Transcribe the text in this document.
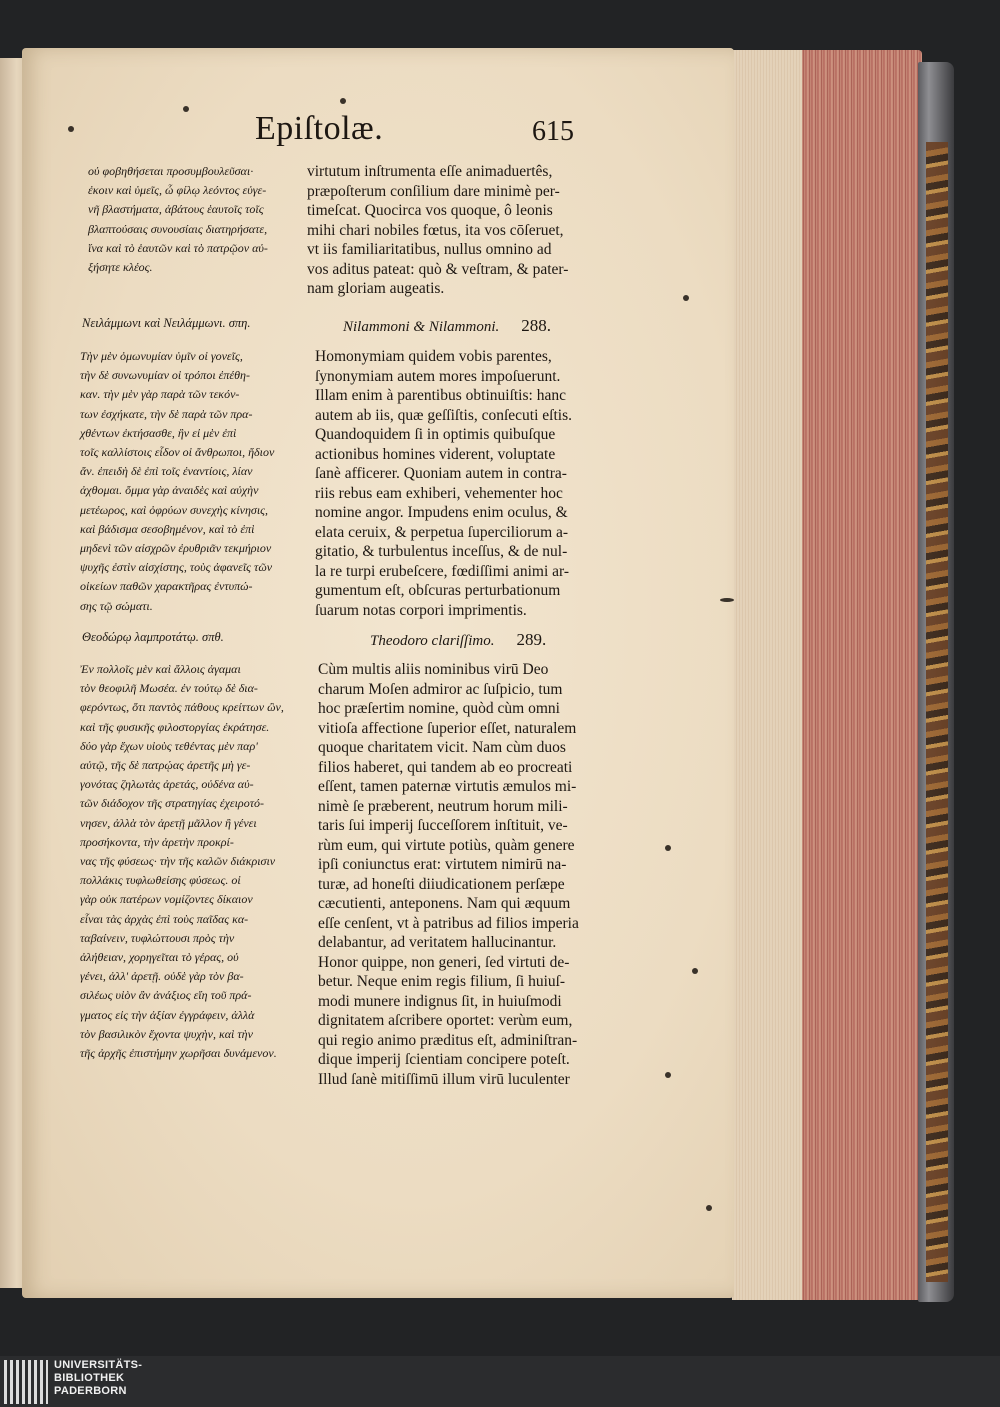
Epiſtolæ.	615
οὐ φοβηθήσεται προσυμβουλεῦσαι·
ἐκοιν καὶ ὑμεῖς, ὦ φίλῳ λεόντος εὐγε-
νῆ βλαστήματα, ἀβάτους ἑαυτοῖς τοῖς
βλαπτούσαις συνουσίαις διατηρήσατε,
ἵνα καὶ τὸ ἑαυτῶν καὶ τὸ πατρῷον αὐ-
ξήσητε κλέος.
virtutum inſtrumenta eſſe animaduertês,
præpoſterum conſilium dare minimè per-
timeſcat. Quocirca vos quoque, ô leonis
mihi chari nobiles fœtus, ita vos cōſeruet,
vt iis familiaritatibus, nullus omnino ad
vos aditus pateat: quò & veſtram, & pater-
nam gloriam augeatis.
Νειλάμμωνι καὶ Νειλάμμωνι. σπη.	Nilammoni & Nilammoni. 288.
Τὴν μὲν ὁμωνυμίαν ὑμῖν οἱ γονεῖς,
τὴν δὲ συνωνυμίαν οἱ τρόποι ἐπέθη-
καν. τὴν μὲν γὰρ παρὰ τῶν τεκόν-
των ἐσχήκατε, τὴν δὲ παρὰ τῶν πρα-
χθέντων ἐκτήσασθε, ἣν εἰ μὲν ἐπὶ
τοῖς καλλίστοις εἶδον οἱ ἄνθρωποι, ἥδιον
ἄν. ἐπειδὴ δὲ ἐπὶ τοῖς ἐναντίοις, λίαν
ἀχθομαι. ὄμμα γὰρ ἀναιδὲς καὶ αὐχὴν
μετέωρος, καὶ ὀφρύων συνεχὴς κίνησις,
καὶ βάδισμα σεσοβημένον, καὶ τὸ ἐπὶ
μηδενὶ τῶν αἰσχρῶν ἐρυθριᾶν τεκμήριον
ψυχῆς ἐστὶν αἰσχίστης, τοὺς ἀφανεῖς τῶν
οἰκείων παθῶν χαρακτῆρας ἐντυπώ-
σης τῷ σώματι.
Homonymiam quidem vobis parentes,
ſynonymiam autem mores impoſuerunt.
Illam enim à parentibus obtinuiſtis: hanc
autem ab iis, quæ geſſiſtis, conſecuti eſtis.
Quandoquidem ſi in optimis quibuſque
actionibus homines viderent, voluptate
ſanè afficerer. Quoniam autem in contra-
riis rebus eam exhiberi, vehementer hoc
nomine angor. Impudens enim oculus, &
elata ceruix, & perpetua ſuperciliorum a-
gitatio, & turbulentus inceſſus, & de nul-
la re turpi erubeſcere, fœdiſſimi animi ar-
gumentum eſt, obſcuras perturbationum
ſuarum notas corpori imprimentis.
Θεοδώρῳ λαμπροτάτῳ. σπθ.	Theodoro clariſſimo. 289.
Ἐν πολλοῖς μὲν καὶ ἄλλοις ἀγαμαι
τὸν θεοφιλῆ Μωσέα. ἐν τούτῳ δὲ δια-
φερόντως, ὅτι παντὸς πάθους κρείττων ὢν,
καὶ τῆς φυσικῆς φιλοστοργίας ἐκράτησε.
δύο γὰρ ἔχων υἱοὺς τεθέντας μὲν παρ'
αὐτῷ, τῆς δὲ πατρῴας ἀρετῆς μὴ γε-
γονότας ζηλωτὰς ἀρετάς, οὐδένα αὐ-
τῶν διάδοχον τῆς στρατηγίας ἐχειροτό-
νησεν, ἀλλὰ τὸν ἀρετῇ μᾶλλον ἢ γένει
προσήκοντα, τὴν ἀρετὴν προκρί-
νας τῆς φύσεως· τὴν τῆς καλῶν διάκρισιν
πολλάκις τυφλωθείσης φύσεως. οἱ
γὰρ οὐκ πατέρων νομίζοντες δίκαιον
εἶναι τὰς ἀρχὰς ἐπὶ τοὺς παῖδας κα-
ταβαίνειν, τυφλώττουσι πρὸς τὴν
ἀλήθειαν, χορηγεῖται τὸ γέρας, οὐ
γένει, ἀλλ' ἀρετῇ. οὐδὲ γὰρ τὸν βα-
σιλέως υἱὸν ἂν ἀνάξιος εἴη τοῦ πρά-
γματος εἰς τὴν ἀξίαν ἐγγράφειν, ἀλλὰ
τὸν βασιλικὸν ἔχοντα ψυχὴν, καὶ τὴν
τῆς ἀρχῆς ἐπιστήμην χωρῆσαι δυνάμενον.
Cùm multis aliis nominibus virū Deo
charum Moſen admiror ac ſuſpicio, tum
hoc præſertim nomine, quòd cùm omni
vitioſa affectione ſuperior eſſet, naturalem
quoque charitatem vicit. Nam cùm duos
filios haberet, qui tandem ab eo procreati
eſſent, tamen paternæ virtutis æmulos mi-
nimè ſe præberent, neutrum horum mili-
taris ſui imperij ſucceſſorem inſtituit, ve-
rùm eum, qui virtute potiùs, quàm genere
ipſi coniunctus erat: virtutem nimirū na-
turæ, ad honeſti diiudicationem perſæpe
cæcutienti, anteponens. Nam qui æquum
eſſe cenſent, vt à patribus ad filios imperia
delabantur, ad veritatem hallucinantur.
Honor quippe, non generi, ſed virtuti de-
betur. Neque enim regis filium, ſi huiuſ-
modi munere indignus ſit, in huiuſmodi
dignitatem aſcribere oportet: verùm eum,
qui regio animo præditus eſt, adminiſtran-
dique imperij ſcientiam concipere poteſt.
Illud ſanè mitiſſimū illum virū luculenter
UNIVERSITÄTS-
BIBLIOTHEK
PADERBORN
